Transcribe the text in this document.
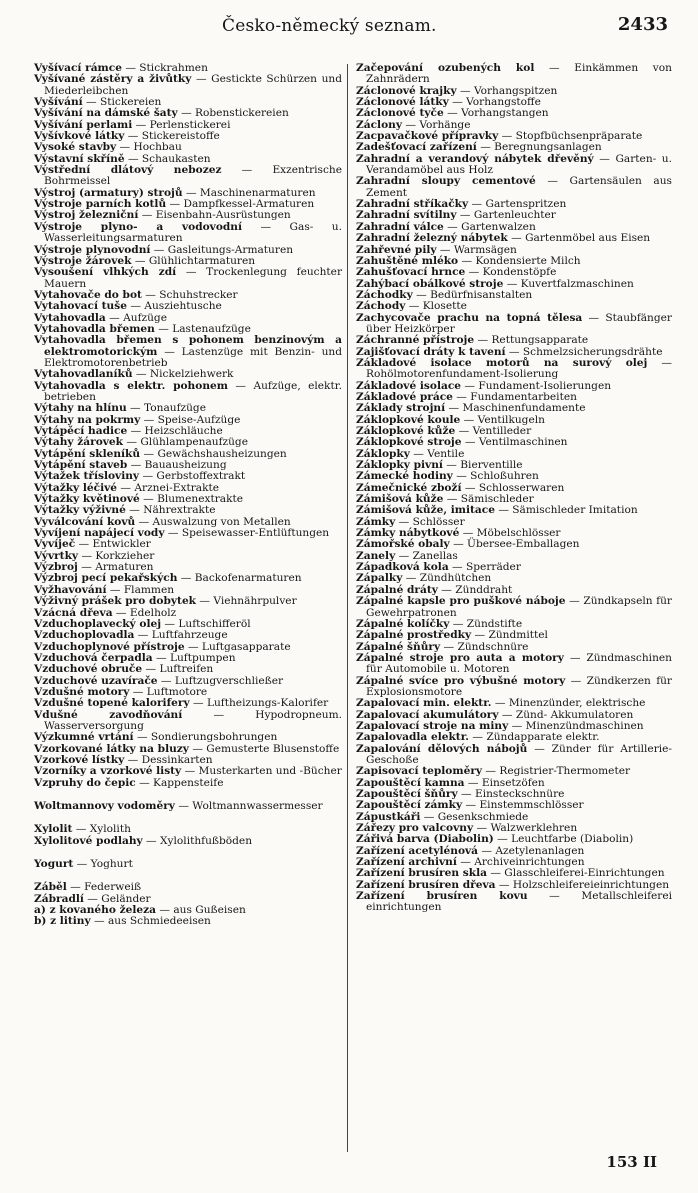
Česko-německý seznam.	2433

Vyšívací rámce — Stickrahmen

Vyšívané zástěry a živůtky — Gestickte Schürzen und Miederleibchen

Vyšívání — Stickereien

Vyšívání na dámské šaty — Robenstickereien

Vyšívání perlami — Perlenstickerei

Vyšívkové látky — Stickereistoffe

Vysoké stavby — Hochbau

Výstavní skříně — Schaukasten

Výstřední dlátový nebozez — Exzentrische Bohrmeissel

Výstroj (armatury) strojů — Maschinenarmaturen

Výstroje parních kotlů — Dampfkessel-Armaturen

Výstroj železniční — Eisenbahn-Ausrüstungen

Výstroje plyno- a vodovodní — Gas- u. Wasserleitungsarmaturen

Výstroje plynovodní — Gasleitungs-Armaturen

Výstroje žárovek — Glühlichtarmaturen

Vysoušení vlhkých zdí — Trockenlegung feuchter Mauern

Vytahovače do bot — Schuhstrecker

Vytahovací tuše — Ausziehtusche

Vytahovadla — Aufzüge

Vytahovadla břemen — Lastenaufzüge

Vytahovadla břemen s pohonem benzinovým a elektromotorickým — Lastenzüge mit Benzin- und Elektromotorenbetrieb

Vytahovadlaníků — Nickelziehwerk

Vytahovadla s elektr. pohonem — Aufzüge, elektr. betrieben

Výtahy na hlínu — Tonaufzüge

Výtahy na pokrmy — Speise-Aufzüge

Vytápěcí hadice — Heizschläuche

Výtahy žárovek — Glühlampenaufzüge

Vytápění skleníků — Gewächshausheizungen

Vytápění staveb — Bauausheizung

Výtažek třísloviny — Gerbstoffextrakt

Výtažky léčivé — Arznei-Extrakte

Výtažky květinové — Blumenextrakte

Výtažky výživné — Nährextrakte

Vyválcování kovů — Auswalzung von Metallen

Vyvíjení napájecí vody — Speisewasser-Entlüftungen

Vyvíječ — Entwickler

Vývrtky — Korkzieher

Výzbroj — Armaturen

Výzbroj pecí pekařských — Backofenarmaturen

Vyžhavování — Flammen

Výživný prášek pro dobytek — Viehnährpulver

Vzácná dřeva — Edelholz

Vzduchoplavecký olej — Luftschifferöl

Vzduchoplovadla — Luftfahrzeuge

Vzduchoplynové přístroje — Luftgasapparate

Vzduchová čerpadla — Luftpumpen

Vzduchové obruče — Luftreifen

Vzduchové uzavírače — Luftzugverschließer

Vzdušné motory — Luftmotore

Vzdušné topené kalorifery — Luftheizungs-Kalorifer

Vdušné zavodňování — Hypodropneum. Wasserversorgung

Výzkumné vrtání — Sondierungsbohrungen

Vzorkované látky na bluzy — Gemusterte Blusenstoffe

Vzorkové lístky — Dessinkarten

Vzorníky a vzorkové listy — Musterkarten und -Bücher

Vzpruhy do čepic — Kappensteife

Woltmannovy vodoměry — Woltmannwassermesser

Xylolit — Xylolith

Xylolitové podlahy — Xylolithfußböden

Yogurt — Yoghurt

Záběl — Federweiß

Zábradlí — Geländer

a) z kovaného železa — aus Gußeisen

b) z litiny — aus Schmiedeeisen

Začepování ozubených kol — Einkämmen von Zahnrädern

Záclonové krajky — Vorhangspitzen

Záclonové látky — Vorhangstoffe

Záclonové tyče — Vorhangstangen

Záclony — Vorhänge

Zacpavačkové přípravky — Stopfbüchsenpräparate

Zadešťovací zařízení — Beregnungsanlagen

Zahradní a verandový nábytek dřevěný — Garten- u. Verandamöbel aus Holz

Zahradní sloupy cementové — Gartensäulen aus Zement

Zahradní stříkačky — Gartenspritzen

Zahradní svítilny — Gartenleuchter

Zahradní válce — Gartenwalzen

Zahradní železný nábytek — Gartenmöbel aus Eisen

Zahřevné pily — Warmsägen

Zahuštěné mléko — Kondensierte Milch

Zahušťovací hrnce — Kondenstöpfe

Zahýbací obálkové stroje — Kuvertfalzmaschinen

Záchodky — Bedürfnisanstalten

Záchody — Klosette

Zachycovače prachu na topná tělesa — Staubfänger über Heizkörper

Záchranné přístroje — Rettungsapparate

Zajišťovací dráty k tavení — Schmelzsicherungsdrähte

Základové isolace motorů na surový olej — Rohölmotorenfundament-Isolierung

Základové isolace — Fundament-Isolierungen

Základové práce — Fundamentarbeiten

Základy strojní — Maschinenfundamente

Záklopkové koule — Ventilkugeln

Záklopkové kůže — Ventilleder

Záklopkové stroje — Ventilmaschinen

Záklopky — Ventile

Záklopky pivní — Bierventille

Zámecké hodiny — Schloßuhren

Zámečnické zboží — Schlosserwaren

Zámišová kůže — Sämischleder

Zámišová kůže, imitace — Sämischleder Imitation

Zámky — Schlösser

Zámky nábytkové — Möbelschlösser

Zámořské obaly — Übersee-Emballagen

Zanely — Zanellas

Západková kola — Sperräder

Zápalky — Zündhütchen

Zápalné dráty — Zünddraht

Zápalné kapsle pro puškové náboje — Zündkapseln für Gewehrpatronen

Zápalné kolíčky — Zündstifte

Zápalné prostředky — Zündmittel

Zápalné šňůry — Zündschnüre

Zápalné stroje pro auta a motory — Zündmaschinen für Automobile u. Motoren

Zápalné svíce pro výbušné motory — Zündkerzen für Explosionsmotore

Zapalovací min. elektr. — Minenzünder, elektrische

Zapalovací akumulátory — Zünd- Akkumulatoren

Zapalovací stroje na miny — Minenzündmaschinen

Zapalovadla elektr. — Zündapparate elektr.

Zapalování dělových nábojů — Zünder für Artillerie-Geschoße

Zapisovací teploměry — Registrier-Thermometer

Zapouštěcí kamna — Einsetzöfen

Zapouštěcí šňůry — Einsteckschnüre

Zapouštěcí zámky — Einstemmschlösser

Zápustkáři — Gesenkschmiede

Zářezy pro valcovny — Walzwerklehren

Zářivá barva (Diabolin) — Leuchtfarbe (Diabolin)

Zařízení acetylénová — Azetylenanlagen

Zařízení archivní — Archiveinrichtungen

Zařízení brusíren skla — Glasschleiferei-Einrichtungen

Zařízení brusíren dřeva — Holzschleifereieinrichtungen

Zařízení brusíren kovu — Metallschleiferei einrichtungen

153 II
